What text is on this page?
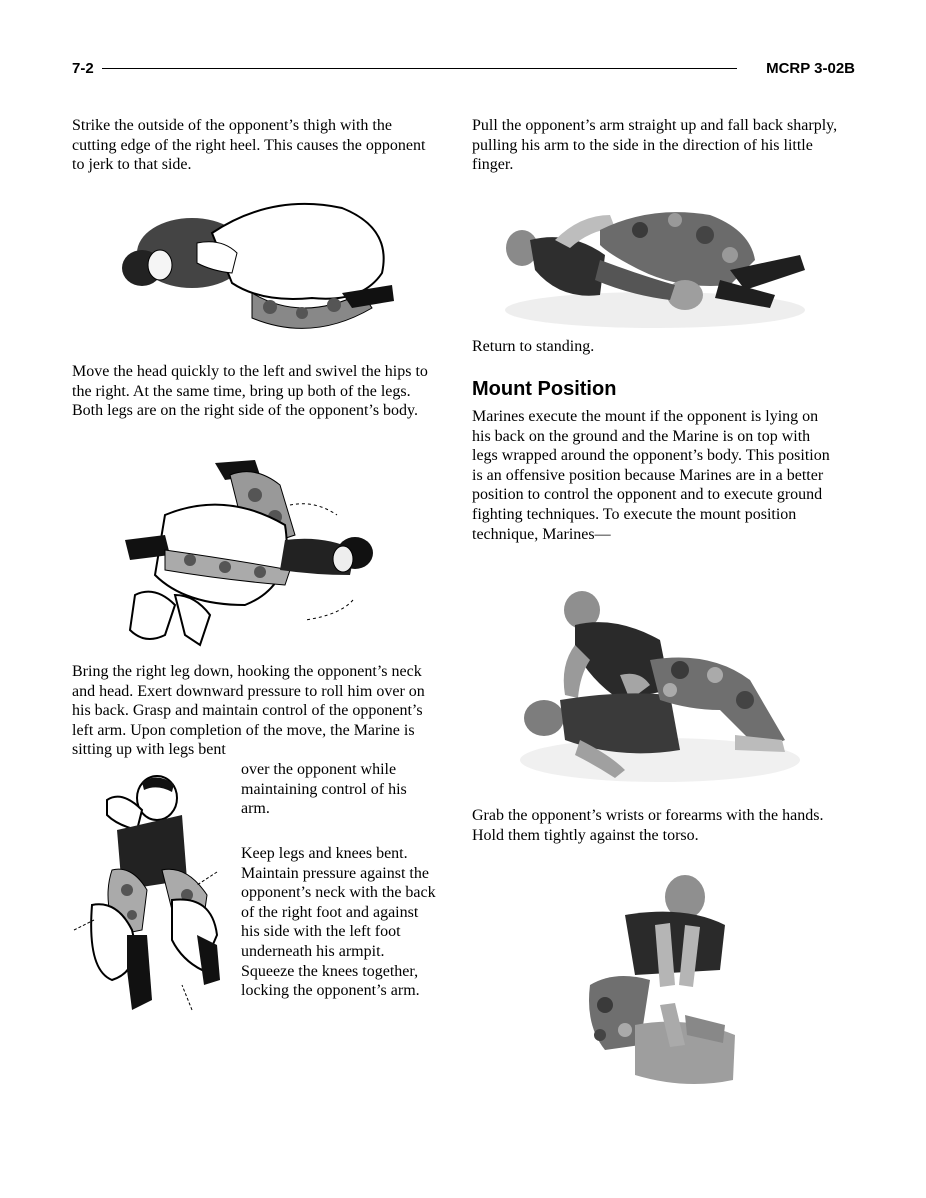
7-2	MCRP 3-02B

Strike the outside of the opponent’s thigh with the cutting edge of the right heel. This causes the opponent to jerk to that side.

Move the head quickly to the left and swivel the hips to the right. At the same time, bring up both of the legs. Both legs are on the right side of the opponent’s body.

Bring the right leg down, hooking the opponent’s neck and head. Exert downward pressure to roll him over on his back. Grasp and maintain control of the opponent’s left arm. Upon completion of the move, the Marine is sitting up with legs bent

over the opponent while maintaining control of his arm.

Keep legs and knees bent. Maintain pressure against the opponent’s neck with the back of the right foot and against his side with the left foot underneath his armpit. Squeeze the knees together, locking the opponent’s arm.

Pull the opponent’s arm straight up and fall back sharply, pulling his arm to the side in the direction of his little finger.

Return to standing.

Mount Position

Marines execute the mount if the opponent is lying on his back on the ground and the Marine is on top with legs wrapped around the opponent’s body. This position is an offensive position because Marines are in a better position to control the opponent and to execute ground fighting techniques. To execute the mount position technique, Marines—

Grab the opponent’s wrists or forearms with the hands. Hold them tightly against the torso.
